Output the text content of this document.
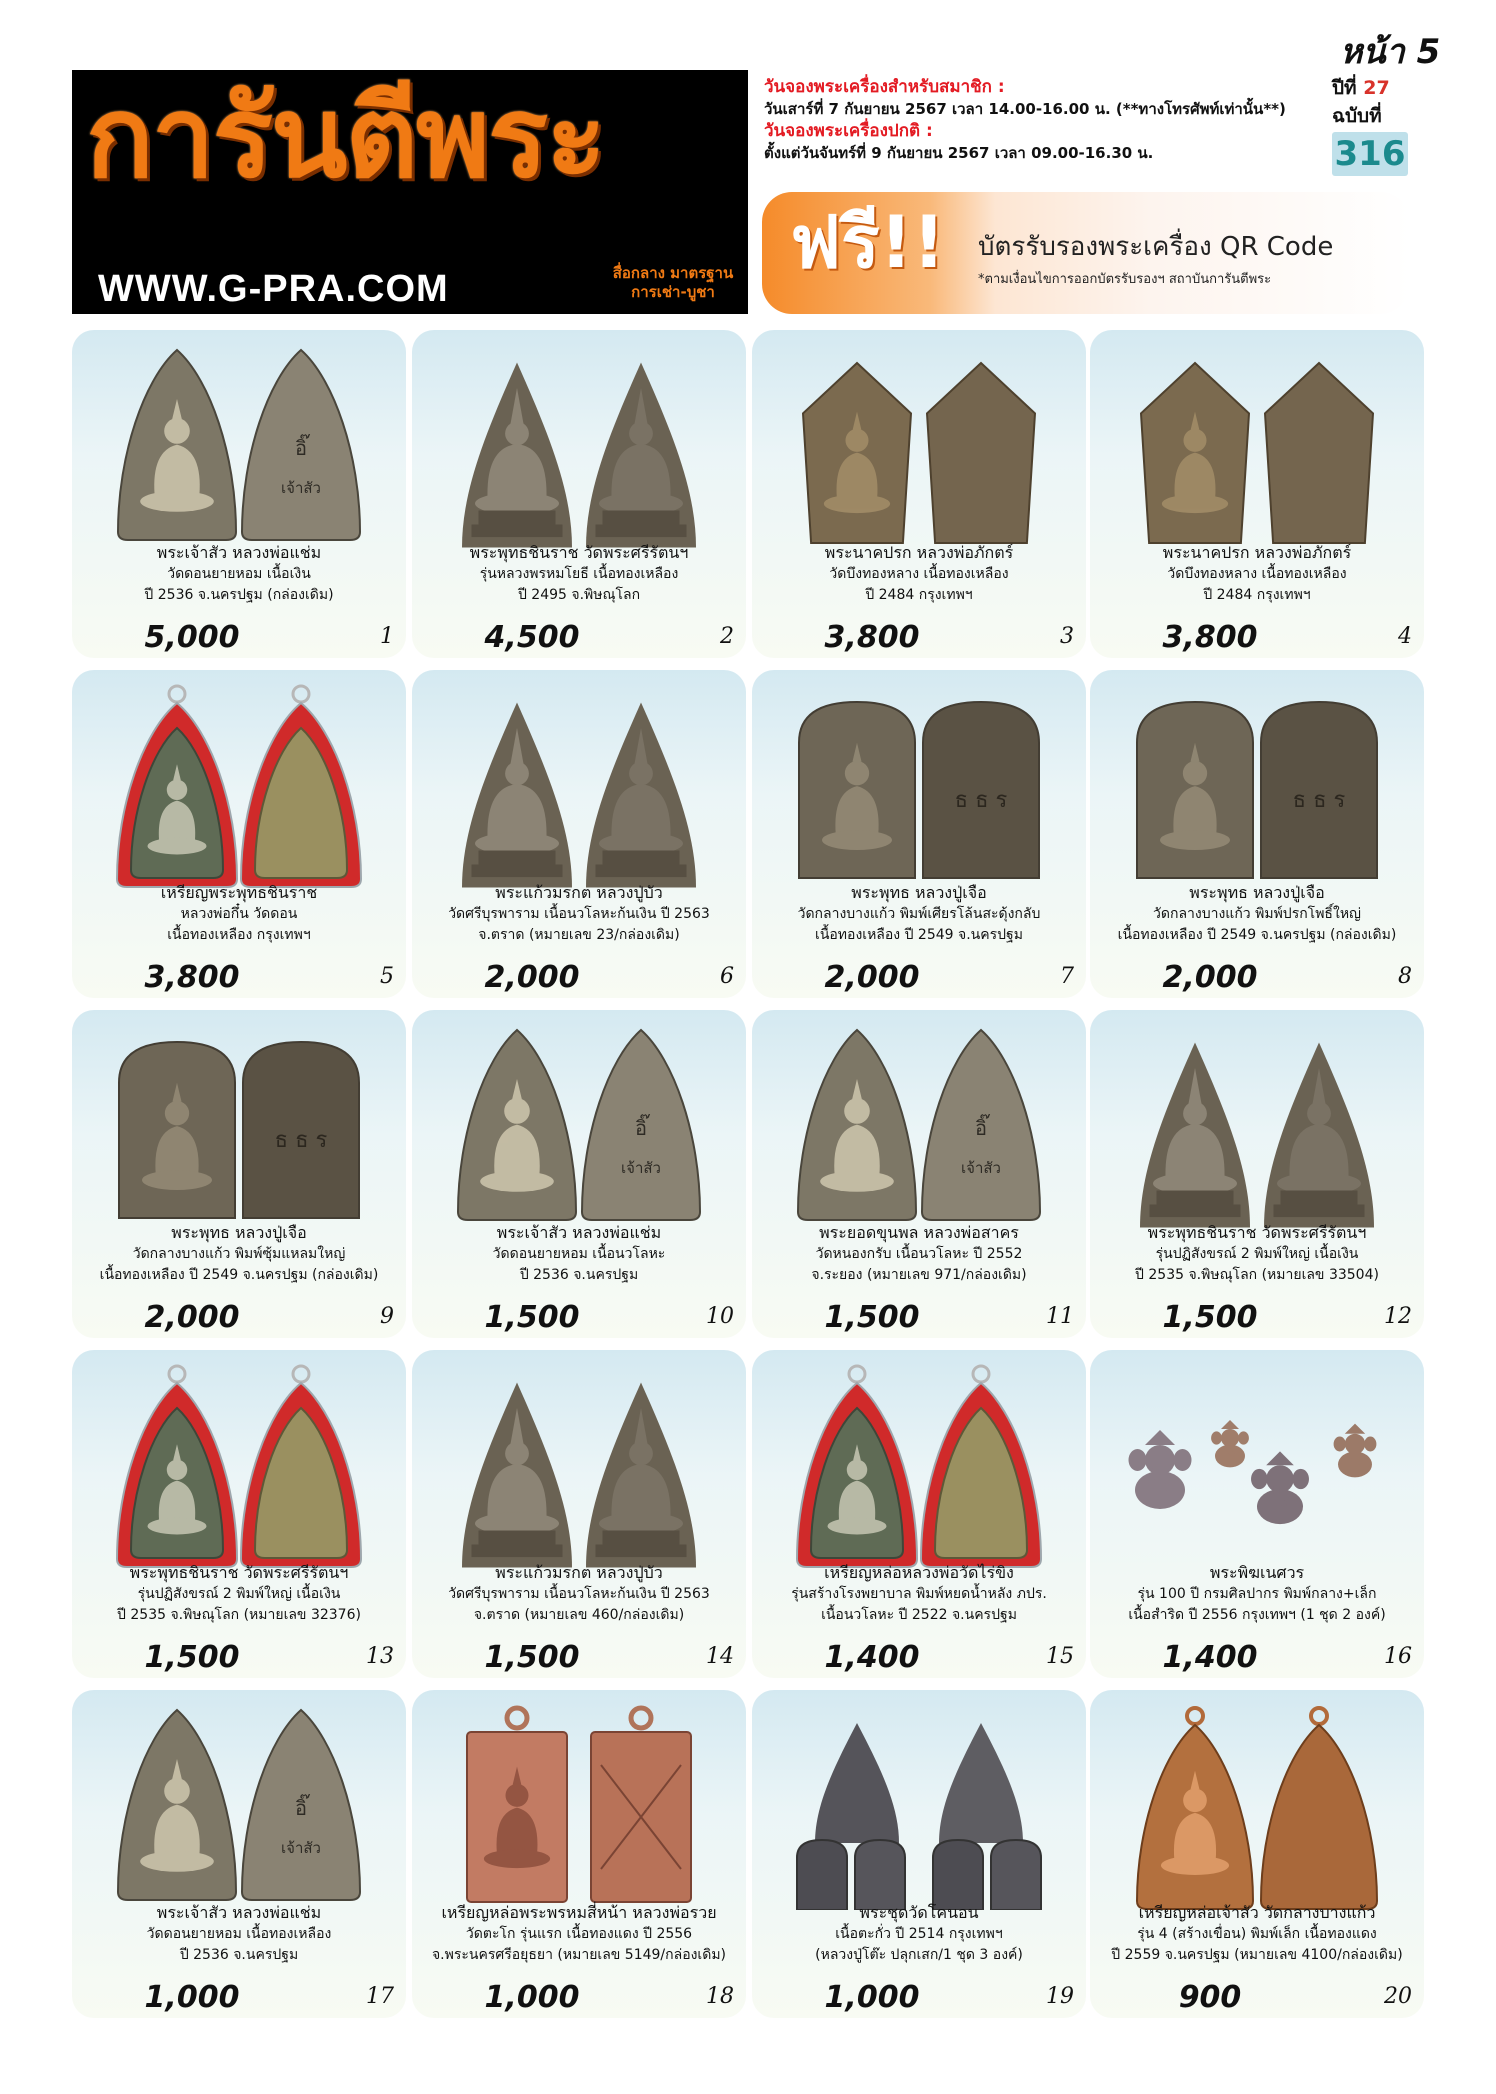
หน้า 5
การันตีพระ
WWW.G-PRA.COM	สื่อกลาง มาตรฐาน
การเช่า-บูชา
วันจองพระเครื่องสำหรับสมาชิก :
วันเสาร์ที่ 7 กันยายน 2567 เวลา 14.00-16.00 น. (**ทางโทรศัพท์เท่านั้น**)
วันจองพระเครื่องปกติ :
ตั้งแต่วันจันทร์ที่ 9 กันยายน 2567 เวลา 09.00-16.30 น.
ปีที่ 27
ฉบับที่
316
ฟรี!! บัตรรับรองพระเครื่อง QR Code
*ตามเงื่อนไขการออกบัตรรับรองฯ สถาบันการันตีพระ
อิ๊
เจ้าสัว
พระเจ้าสัว หลวงพ่อแช่ม
วัดดอนยายหอม เนื้อเงิน
ปี 2536 จ.นครปฐม (กล่องเดิม)
5,000	1
พระพุทธชินราช วัดพระศรีรัตนฯ
รุ่นหลวงพรหมโยธี เนื้อทองเหลือง
ปี 2495 จ.พิษณุโลก
4,500	2
พระนาคปรก หลวงพ่อภักตร์
วัดบึงทองหลาง เนื้อทองเหลือง
ปี 2484 กรุงเทพฯ
3,800	3
พระนาคปรก หลวงพ่อภักตร์
วัดบึงทองหลาง เนื้อทองเหลือง
ปี 2484 กรุงเทพฯ
3,800	4
เหรียญพระพุทธชินราช
หลวงพ่อกึ๋น วัดดอน
เนื้อทองเหลือง กรุงเทพฯ
3,800	5
พระแก้วมรกต หลวงปู่บัว
วัดศรีบุรพาราม เนื้อนวโลหะก้นเงิน ปี 2563
จ.ตราด (หมายเลข 23/กล่องเดิม)
2,000	6
ธ ธ ร
พระพุทธ หลวงปู่เจือ
วัดกลางบางแก้ว พิมพ์เศียรโล้นสะดุ้งกลับ
เนื้อทองเหลือง ปี 2549 จ.นครปฐม
2,000	7
ธ ธ ร
พระพุทธ หลวงปู่เจือ
วัดกลางบางแก้ว พิมพ์ปรกโพธิ์ใหญ่
เนื้อทองเหลือง ปี 2549 จ.นครปฐม (กล่องเดิม)
2,000	8
ธ ธ ร
พระพุทธ หลวงปู่เจือ
วัดกลางบางแก้ว พิมพ์ซุ้มแหลมใหญ่
เนื้อทองเหลือง ปี 2549 จ.นครปฐม (กล่องเดิม)
2,000	9
อิ๊
เจ้าสัว
พระเจ้าสัว หลวงพ่อแช่ม
วัดดอนยายหอม เนื้อนวโลหะ
ปี 2536 จ.นครปฐม
1,500	10
อิ๊
เจ้าสัว
พระยอดขุนพล หลวงพ่อสาคร
วัดหนองกรับ เนื้อนวโลหะ ปี 2552
จ.ระยอง (หมายเลข 971/กล่องเดิม)
1,500	11
พระพุทธชินราช วัดพระศรีรัตนฯ
รุ่นปฏิสังขรณ์ 2 พิมพ์ใหญ่ เนื้อเงิน
ปี 2535 จ.พิษณุโลก (หมายเลข 33504)
1,500	12
พระพุทธชินราช วัดพระศรีรัตนฯ
รุ่นปฏิสังขรณ์ 2 พิมพ์ใหญ่ เนื้อเงิน
ปี 2535 จ.พิษณุโลก (หมายเลข 32376)
1,500	13
พระแก้วมรกต หลวงปู่บัว
วัดศรีบุรพาราม เนื้อนวโลหะก้นเงิน ปี 2563
จ.ตราด (หมายเลข 460/กล่องเดิม)
1,500	14
เหรียญหล่อหลวงพ่อวัดไร่ขิง
รุ่นสร้างโรงพยาบาล พิมพ์หยดน้ำหลัง ภปร.
เนื้อนวโลหะ ปี 2522 จ.นครปฐม
1,400	15
พระพิฆเนศวร
รุ่น 100 ปี กรมศิลปากร พิมพ์กลาง+เล็ก
เนื้อสำริด ปี 2556 กรุงเทพฯ (1 ชุด 2 องค์)
1,400	16
อิ๊
เจ้าสัว
พระเจ้าสัว หลวงพ่อแช่ม
วัดดอนยายหอม เนื้อทองเหลือง
ปี 2536 จ.นครปฐม
1,000	17
เหรียญหล่อพระพรหมสี่หน้า หลวงพ่อรวย
วัดตะโก รุ่นแรก เนื้อทองแดง ปี 2556
จ.พระนครศรีอยุธยา (หมายเลข 5149/กล่องเดิม)
1,000	18
พระชุดวัดโคนอน
เนื้อตะกั่ว ปี 2514 กรุงเทพฯ
(หลวงปู่โต๊ะ ปลุกเสก/1 ชุด 3 องค์)
1,000	19
เหรียญหล่อเจ้าสัว วัดกลางบางแก้ว
รุ่น 4 (สร้างเขื่อน) พิมพ์เล็ก เนื้อทองแดง
ปี 2559 จ.นครปฐม (หมายเลข 4100/กล่องเดิม)
900	20
